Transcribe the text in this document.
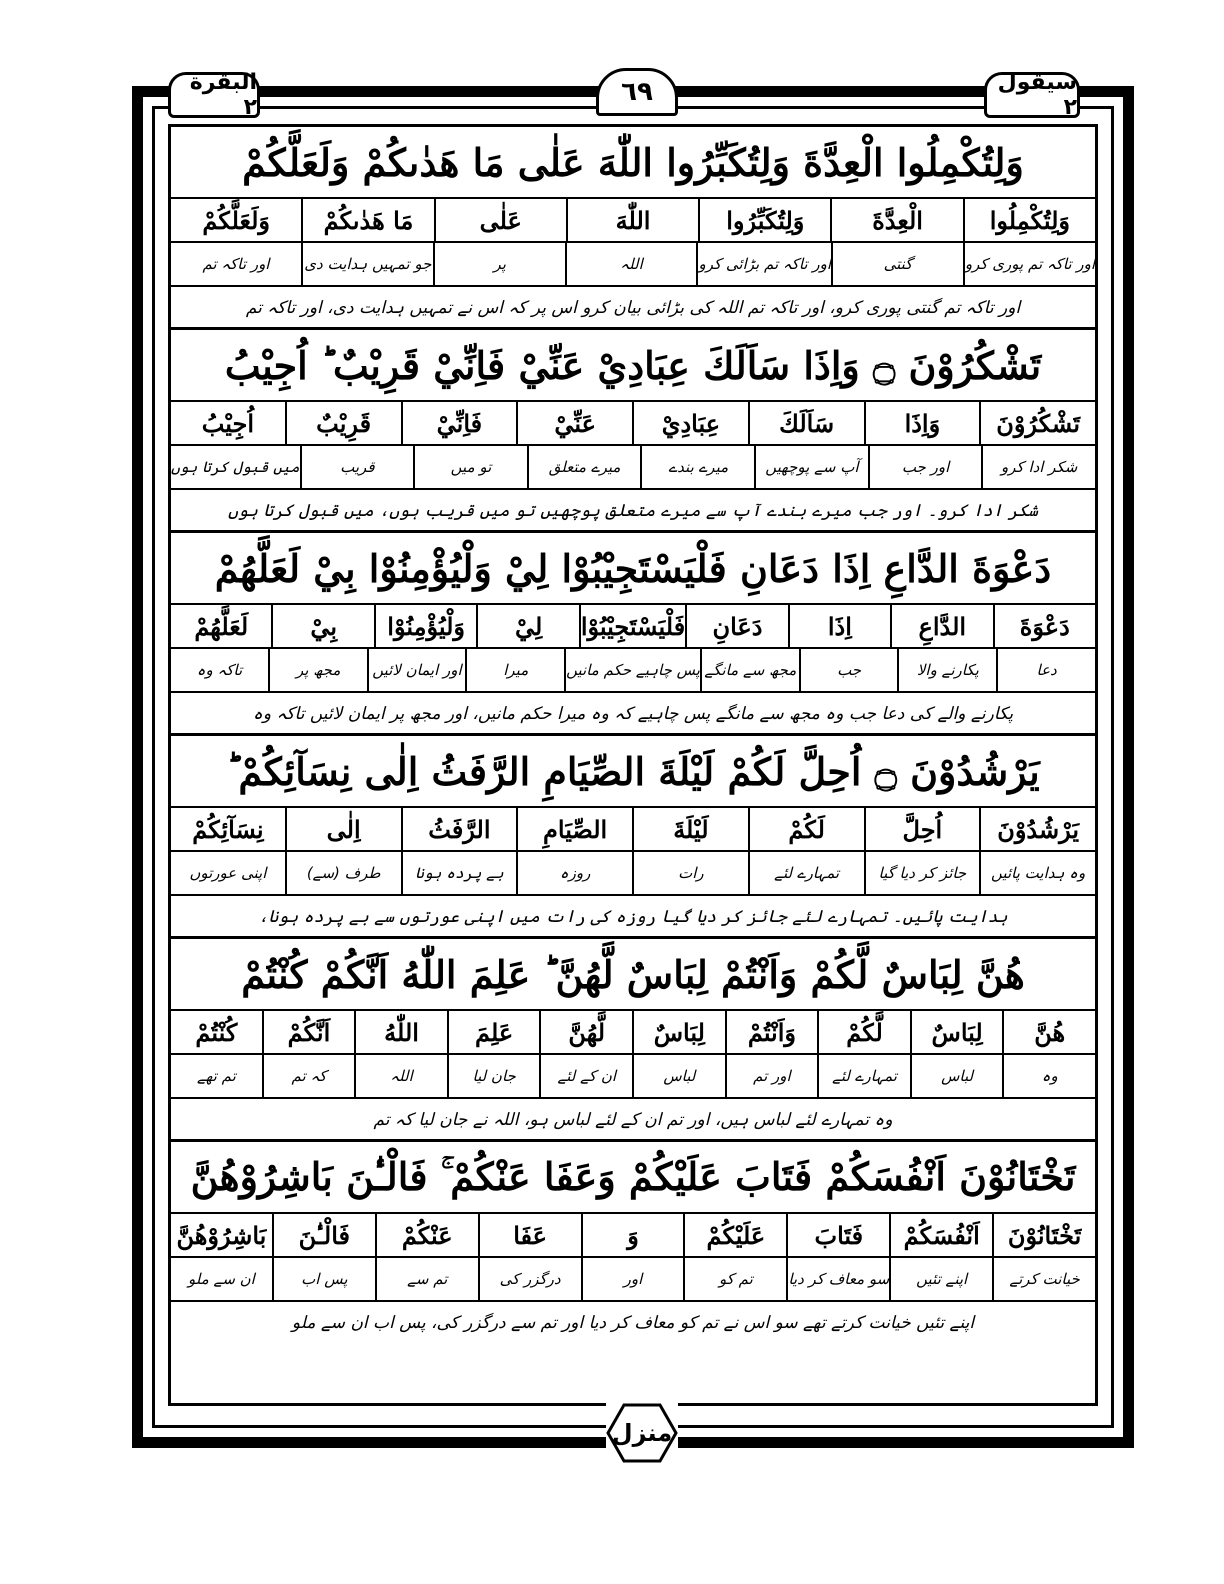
البقرة ۲
٦٩	سیقول ۲
وَلِتُكْمِلُوا الْعِدَّةَ وَلِتُكَبِّرُوا اللّٰهَ عَلٰى مَا هَدٰىكُمْ وَلَعَلَّكُمْ
وَلِتُكْمِلُوا
الْعِدَّةَ
وَلِتُكَبِّرُوا
اللّٰهَ
عَلٰى
مَا هَدٰىكُمْ
وَلَعَلَّكُمْ
اور تاکہ تم پوری کرو
گنتی
اور تاکہ تم بڑائی کرو
اللہ
پر
جو تمہیں ہدایت دی
اور تاکہ تم
اور تاکہ تم گنتی پوری کرو، اور تاکہ تم اللہ کی بڑائی بیان کرو اس پر کہ اس نے تمہیں ہدایت دی، اور تاکہ تم
تَشْكُرُوْنَ ۝ وَاِذَا سَاَلَكَ عِبَادِيْ عَنِّيْ فَاِنِّيْ قَرِيْبٌ ؕ اُجِيْبُ
تَشْكُرُوْنَ
وَاِذَا
سَاَلَكَ
عِبَادِيْ
عَنِّيْ
فَاِنِّيْ
قَرِيْبٌ
اُجِيْبُ
شکر ادا کرو
اور جب
آپ سے پوچھیں
میرے بندے
میرے متعلق
تو میں
قریب
میں قبول کرتا ہوں
شکر ادا کرو۔ اور جب میرے بندے آپ سے میرے متعلق پوچھیں تو میں قریب ہوں، میں قبول کرتا ہوں
دَعْوَةَ الدَّاعِ اِذَا دَعَانِ فَلْيَسْتَجِيْبُوْا لِيْ وَلْيُؤْمِنُوْا بِيْ لَعَلَّهُمْ
دَعْوَةَ
الدَّاعِ
اِذَا
دَعَانِ
فَلْيَسْتَجِيْبُوْا
لِيْ
وَلْيُؤْمِنُوْا
بِيْ
لَعَلَّهُمْ
دعا
پکارنے والا
جب
مجھ سے مانگے
پس چاہیے حکم مانیں
میرا
اور ایمان لائیں
مجھ پر
تاکہ وہ
پکارنے والے کی دعا جب وہ مجھ سے مانگے پس چاہیے کہ وہ میرا حکم مانیں، اور مجھ پر ایمان لائیں تاکہ وہ
يَرْشُدُوْنَ ۝ اُحِلَّ لَكُمْ لَيْلَةَ الصِّيَامِ الرَّفَثُ اِلٰى نِسَآئِكُمْ ؕ
يَرْشُدُوْنَ
اُحِلَّ
لَكُمْ
لَيْلَةَ
الصِّيَامِ
الرَّفَثُ
اِلٰى
نِسَآئِكُمْ
وہ ہدایت پائیں
جائز کر دیا گیا
تمہارے لئے
رات
روزہ
بے پردہ ہونا
طرف (سے)
اپنی عورتوں
ہدایت پائیں۔ تمہارے لئے جائز کر دیا گیا روزہ کی رات میں اپنی عورتوں سے بے پردہ ہونا،
هُنَّ لِبَاسٌ لَّكُمْ وَاَنْتُمْ لِبَاسٌ لَّهُنَّ ؕ عَلِمَ اللّٰهُ اَنَّكُمْ كُنْتُمْ
هُنَّ
لِبَاسٌ
لَّكُمْ
وَاَنْتُمْ
لِبَاسٌ
لَّهُنَّ
عَلِمَ
اللّٰهُ
اَنَّكُمْ
كُنْتُمْ
وہ
لباس
تمہارے لئے
اور تم
لباس
ان کے لئے
جان لیا
اللہ
کہ تم
تم تھے
وہ تمہارے لئے لباس ہیں، اور تم ان کے لئے لباس ہو، اللہ نے جان لیا کہ تم
تَخْتَانُوْنَ اَنْفُسَكُمْ فَتَابَ عَلَيْكُمْ وَعَفَا عَنْكُمْ ۚ فَالْـٰٔنَ بَاشِرُوْهُنَّ
تَخْتَانُوْنَ
اَنْفُسَكُمْ
فَتَابَ
عَلَيْكُمْ
وَ
عَفَا
عَنْكُمْ
فَالْـٰٔنَ
بَاشِرُوْهُنَّ
خیانت کرتے
اپنے تئیں
سو معاف کر دیا
تم کو
اور
درگزر کی
تم سے
پس اب
ان سے ملو
اپنے تئیں خیانت کرتے تھے سو اس نے تم کو معاف کر دیا اور تم سے درگزر کی، پس اب ان سے ملو
منزل
